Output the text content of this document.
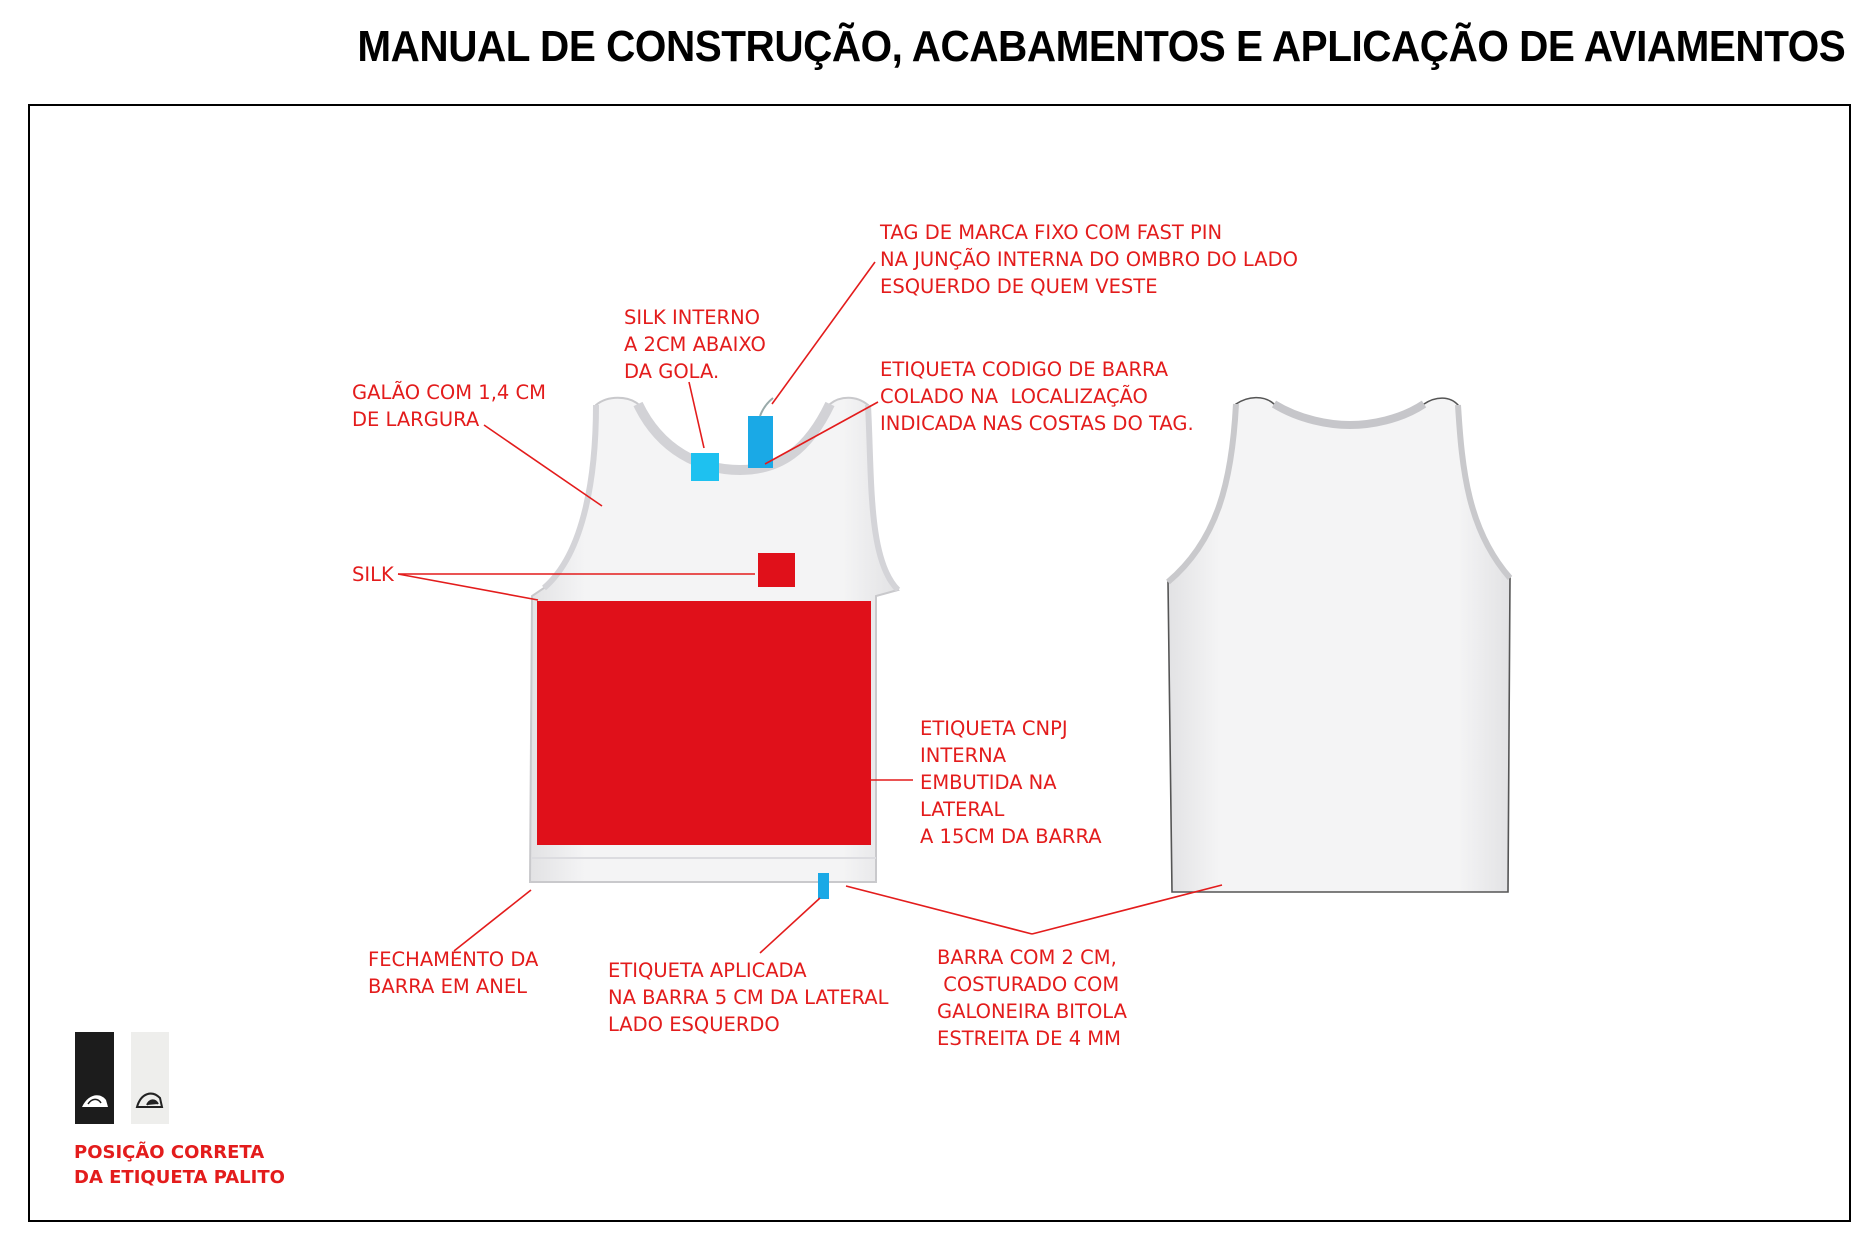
MANUAL DE CONSTRUÇÃO, ACABAMENTOS E APLICAÇÃO DE AVIAMENTOS
TAG DE MARCA FIXO COM FAST PIN
NA JUNÇÃO INTERNA DO OMBRO DO LADO
ESQUERDO DE QUEM VESTE
SILK INTERNO
A 2CM ABAIXO
DA GOLA.
GALÃO COM 1,4 CM
DE LARGURA
ETIQUETA CODIGO DE BARRA
COLADO NA  LOCALIZAÇÃO
INDICADA NAS COSTAS DO TAG.
SILK
ETIQUETA CNPJ
INTERNA
EMBUTIDA NA
LATERAL
A 15CM DA BARRA
FECHAMENTO DA
BARRA EM ANEL
ETIQUETA APLICADA
NA BARRA 5 CM DA LATERAL
LADO ESQUERDO
BARRA COM 2 CM,
COSTURADO COM
GALONEIRA BITOLA
ESTREITA DE 4 MM
POSIÇÃO CORRETA
DA ETIQUETA PALITO
